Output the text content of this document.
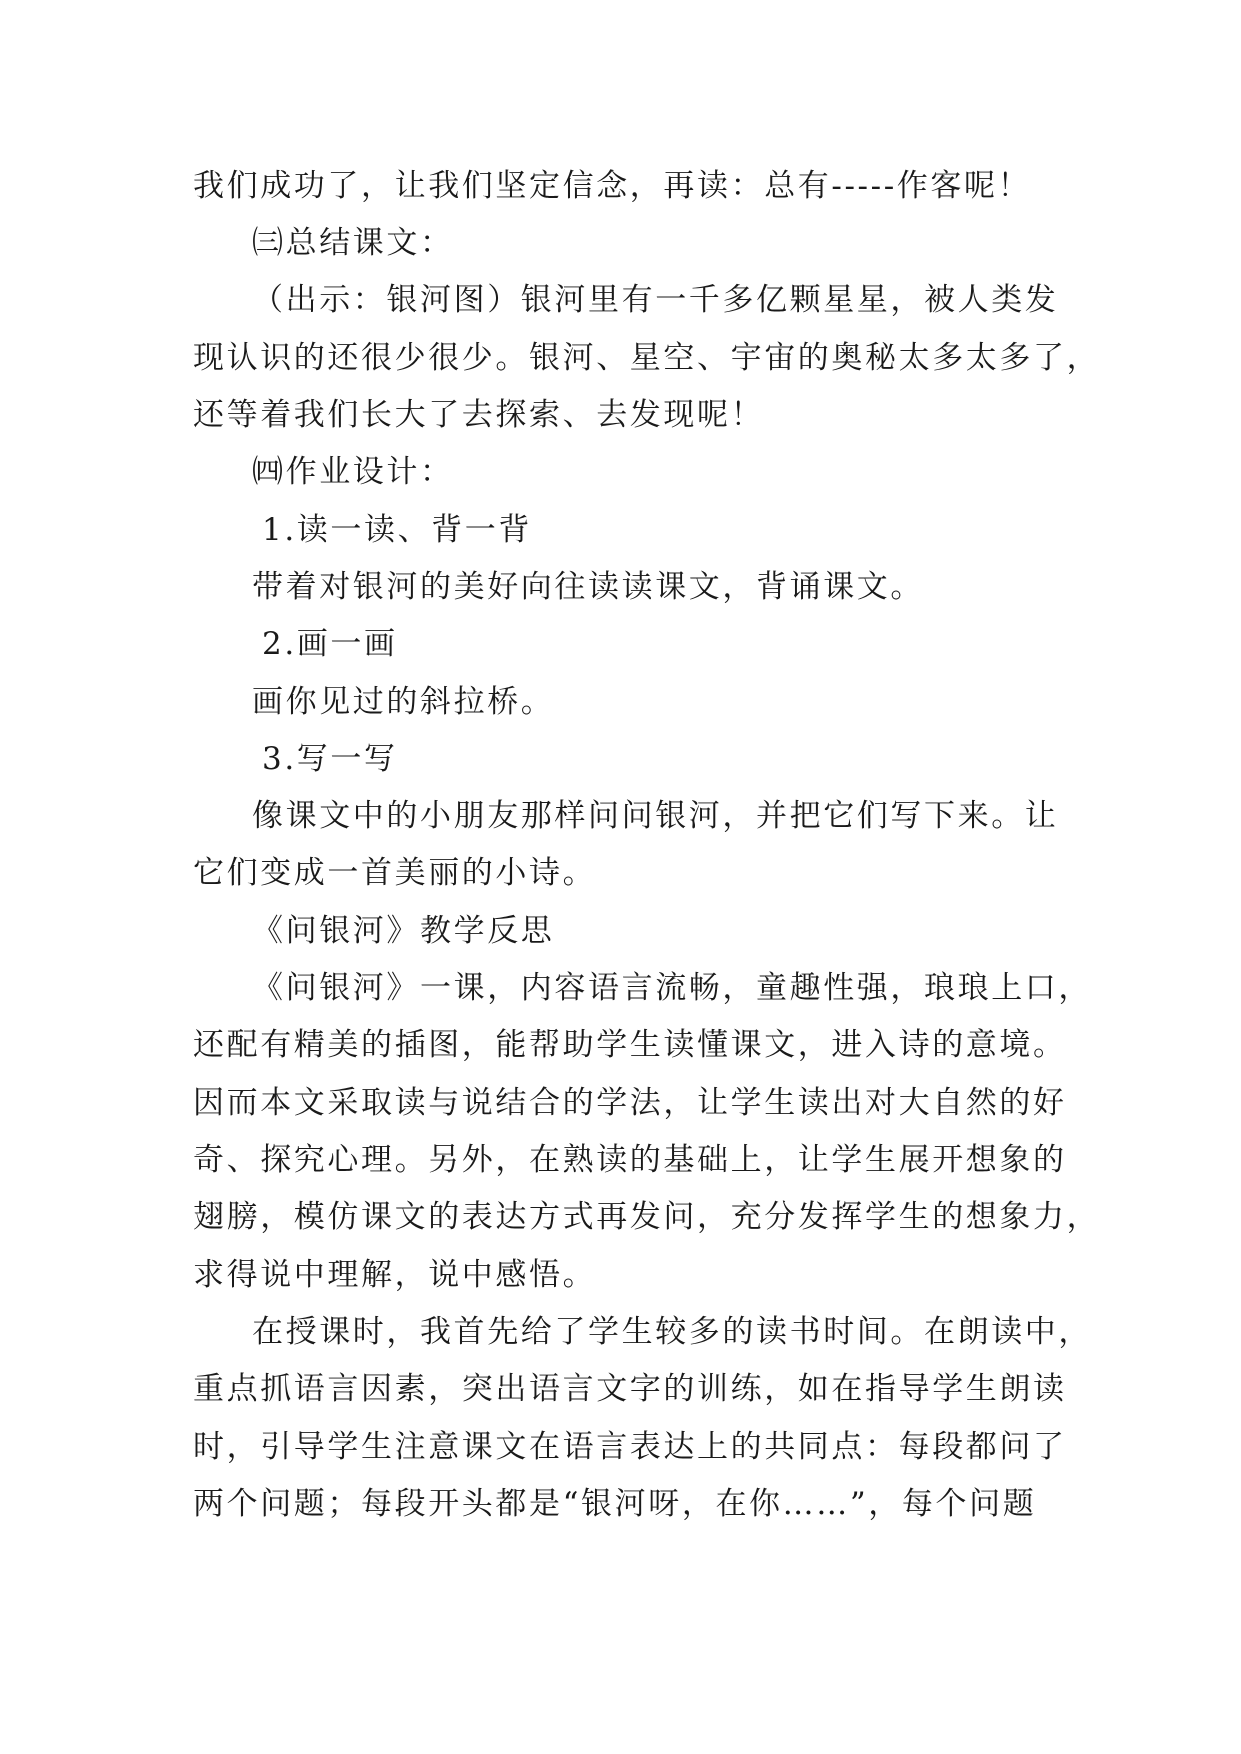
我们成功了，让我们坚定信念，再读：总有-----作客呢！

㈢总结课文：

（出示：银河图）银河里有一千多亿颗星星，被人类发

现认识的还很少很少。银河、星空、宇宙的奥秘太多太多了，

还等着我们长大了去探索、去发现呢！

㈣作业设计：

1.读一读、背一背

带着对银河的美好向往读读课文，背诵课文。

2.画一画

画你见过的斜拉桥。

3.写一写

像课文中的小朋友那样问问银河，并把它们写下来。让

它们变成一首美丽的小诗。

《问银河》教学反思

《问银河》一课，内容语言流畅，童趣性强，琅琅上口，

还配有精美的插图，能帮助学生读懂课文，进入诗的意境。

因而本文采取读与说结合的学法，让学生读出对大自然的好

奇、探究心理。另外，在熟读的基础上，让学生展开想象的

翅膀，模仿课文的表达方式再发问，充分发挥学生的想象力，

求得说中理解，说中感悟。

在授课时，我首先给了学生较多的读书时间。在朗读中，

重点抓语言因素，突出语言文字的训练，如在指导学生朗读

时，引导学生注意课文在语言表达上的共同点：每段都问了

两个问题；每段开头都是“银河呀，在你……”，每个问题
